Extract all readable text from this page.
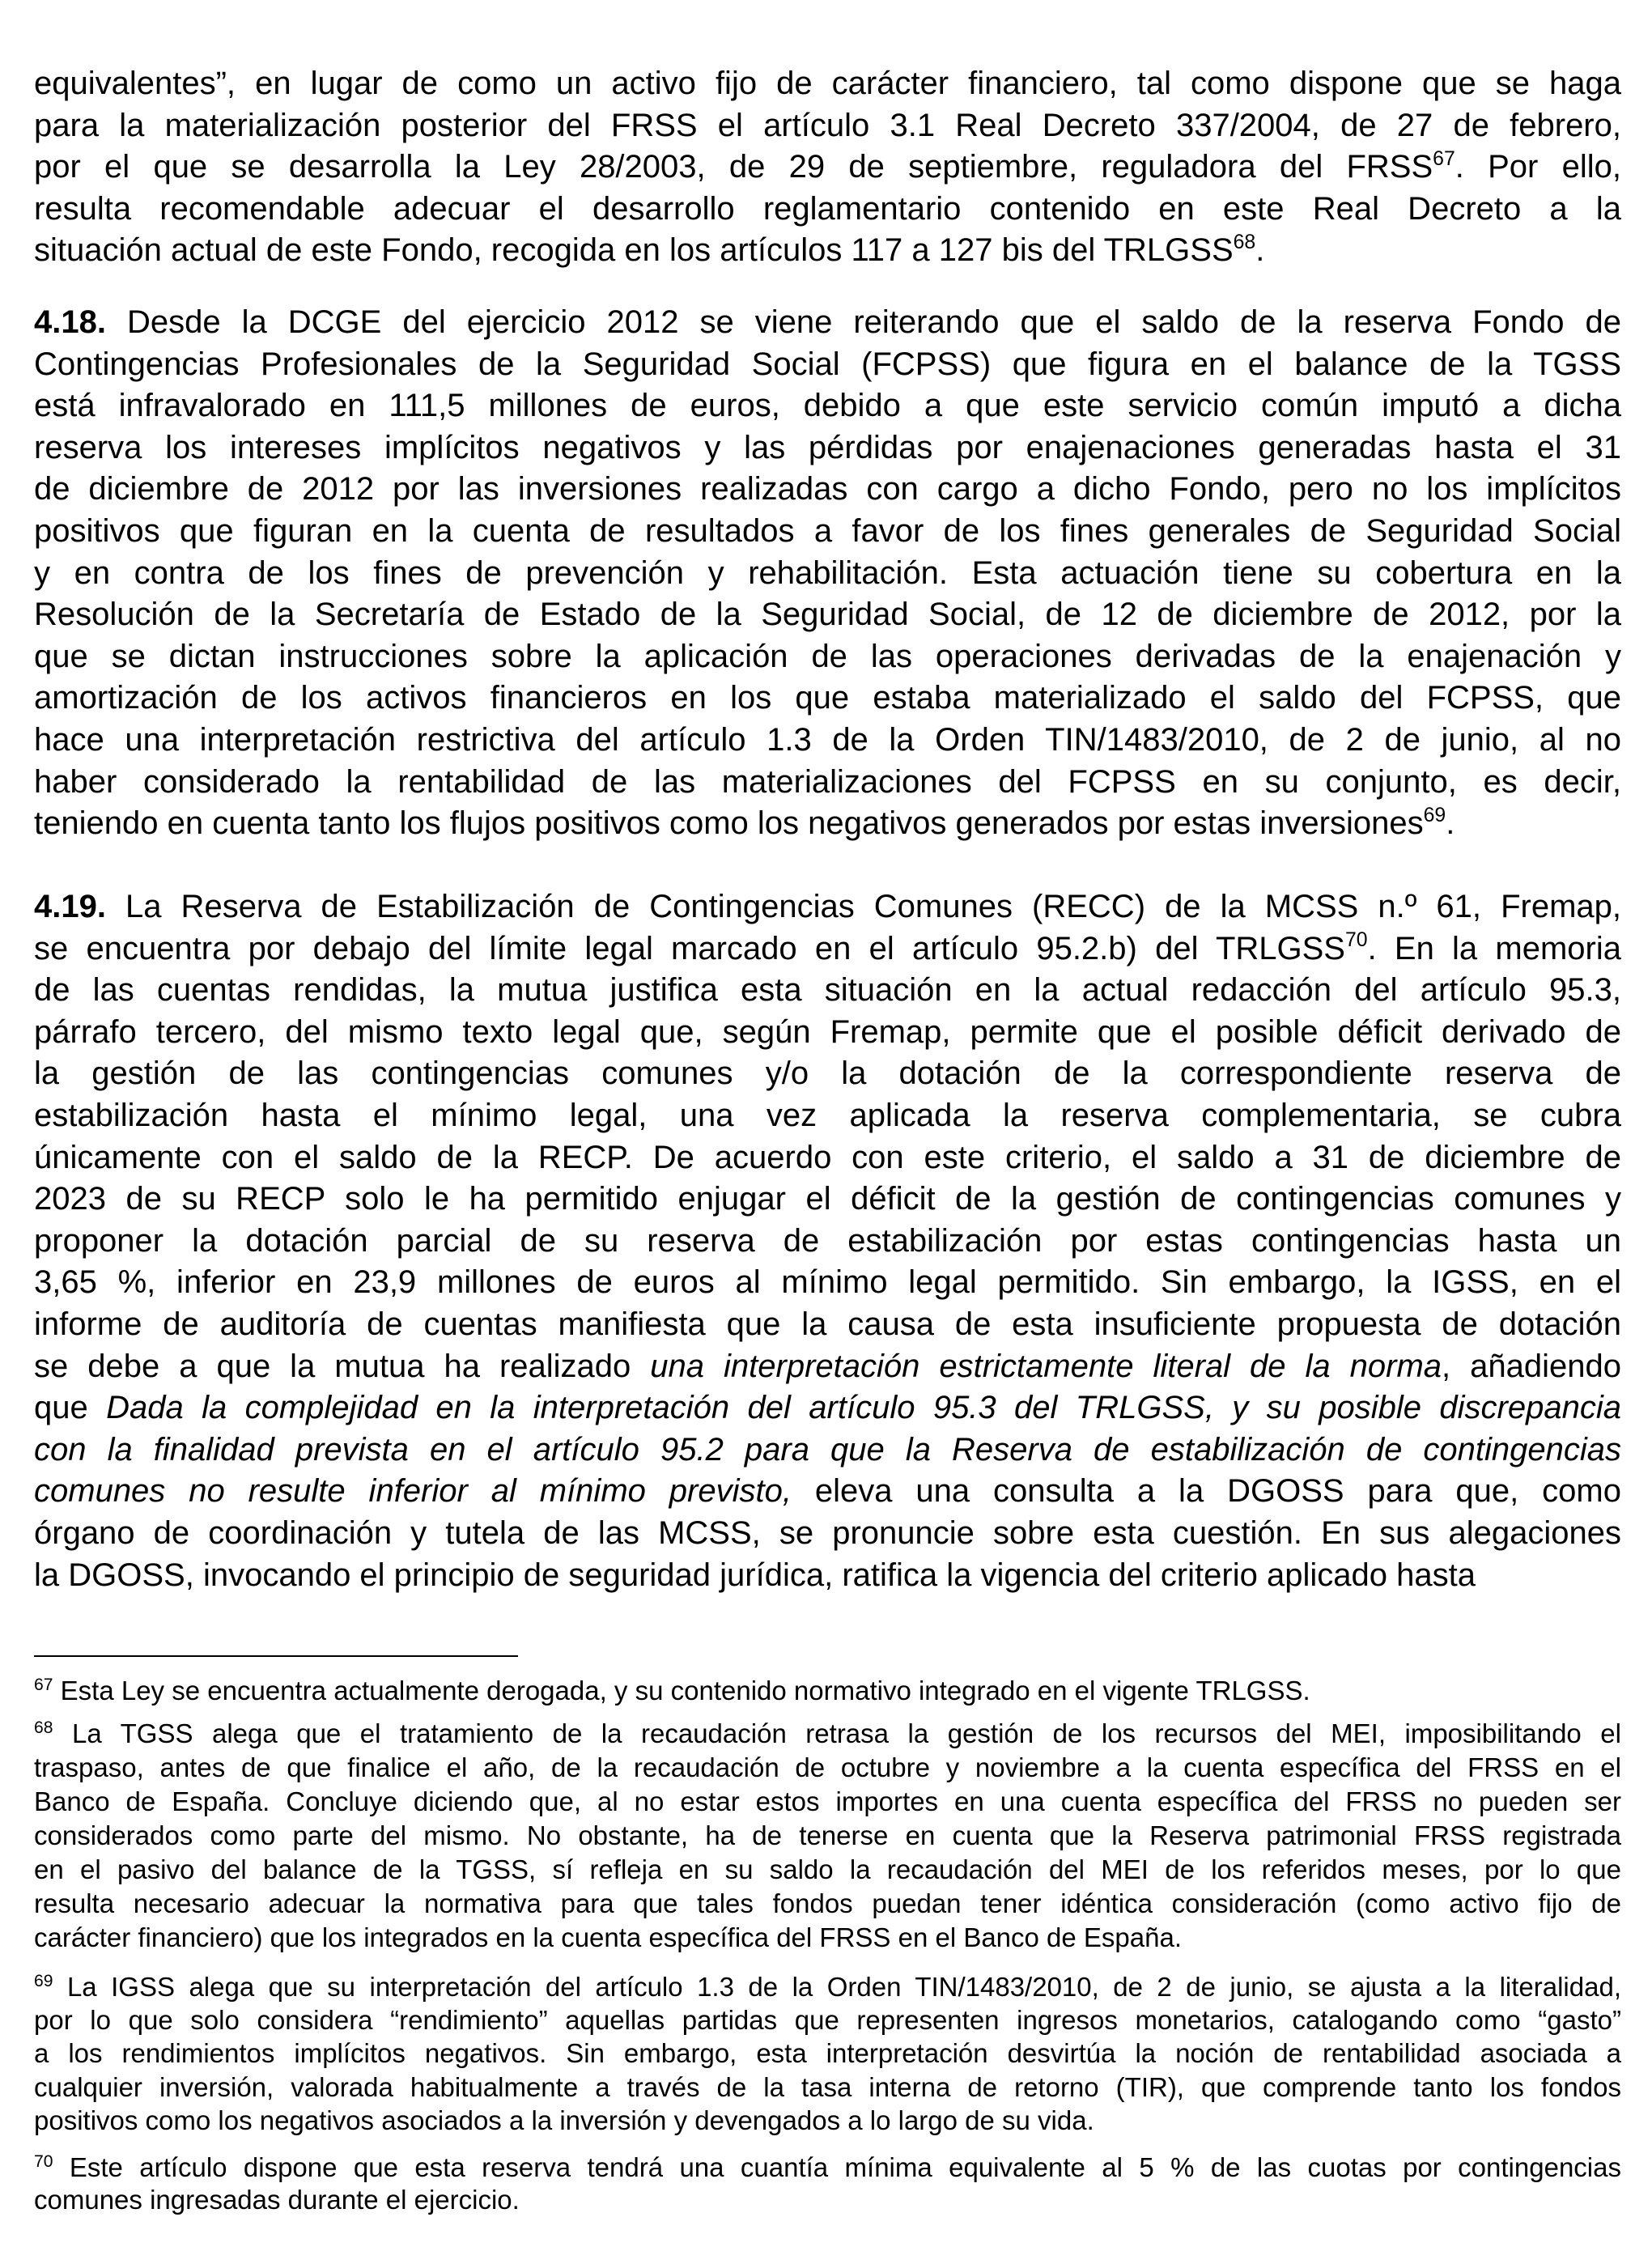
equivalentes”, en lugar de como un activo fijo de carácter financiero, tal como dispone que se haga
para la materialización posterior del FRSS el artículo 3.1 Real Decreto 337/2004, de 27 de febrero,
por el que se desarrolla la Ley 28/2003, de 29 de septiembre, reguladora del FRSS$^{67}$. Por ello,
resulta recomendable adecuar el desarrollo reglamentario contenido en este Real Decreto a la
situación actual de este Fondo, recogida en los artículos 117 a 127 bis del TRLGSS$^{68}$.
4.18. Desde la DCGE del ejercicio 2012 se viene reiterando que el saldo de la reserva Fondo de
Contingencias Profesionales de la Seguridad Social (FCPSS) que figura en el balance de la TGSS
está infravalorado en 111,5 millones de euros, debido a que este servicio común imputó a dicha
reserva los intereses implícitos negativos y las pérdidas por enajenaciones generadas hasta el 31
de diciembre de 2012 por las inversiones realizadas con cargo a dicho Fondo, pero no los implícitos
positivos que figuran en la cuenta de resultados a favor de los fines generales de Seguridad Social
y en contra de los fines de prevención y rehabilitación. Esta actuación tiene su cobertura en la
Resolución de la Secretaría de Estado de la Seguridad Social, de 12 de diciembre de 2012, por la
que se dictan instrucciones sobre la aplicación de las operaciones derivadas de la enajenación y
amortización de los activos financieros en los que estaba materializado el saldo del FCPSS, que
hace una interpretación restrictiva del artículo 1.3 de la Orden TIN/1483/2010, de 2 de junio, al no
haber considerado la rentabilidad de las materializaciones del FCPSS en su conjunto, es decir,
teniendo en cuenta tanto los flujos positivos como los negativos generados por estas inversiones$^{69}$.
4.19. La Reserva de Estabilización de Contingencias Comunes (RECC) de la MCSS n.º 61, Fremap,
se encuentra por debajo del límite legal marcado en el artículo 95.2.b) del TRLGSS$^{70}$. En la memoria
de las cuentas rendidas, la mutua justifica esta situación en la actual redacción del artículo 95.3,
párrafo tercero, del mismo texto legal que, según Fremap, permite que el posible déficit derivado de
la gestión de las contingencias comunes y/o la dotación de la correspondiente reserva de
estabilización hasta el mínimo legal, una vez aplicada la reserva complementaria, se cubra
únicamente con el saldo de la RECP. De acuerdo con este criterio, el saldo a 31 de diciembre de
2023 de su RECP solo le ha permitido enjugar el déficit de la gestión de contingencias comunes y
proponer la dotación parcial de su reserva de estabilización por estas contingencias hasta un
3,65 %, inferior en 23,9 millones de euros al mínimo legal permitido. Sin embargo, la IGSS, en el
informe de auditoría de cuentas manifiesta que la causa de esta insuficiente propuesta de dotación
se debe a que la mutua ha realizado una interpretación estrictamente literal de la norma, añadiendo
que Dada la complejidad en la interpretación del artículo 95.3 del TRLGSS, y su posible discrepancia
con la finalidad prevista en el artículo 95.2 para que la Reserva de estabilización de contingencias
comunes no resulte inferior al mínimo previsto, eleva una consulta a la DGOSS para que, como
órgano de coordinación y tutela de las MCSS, se pronuncie sobre esta cuestión. En sus alegaciones
la DGOSS, invocando el principio de seguridad jurídica, ratifica la vigencia del criterio aplicado hasta
$^{67}$ Esta Ley se encuentra actualmente derogada, y su contenido normativo integrado en el vigente TRLGSS.
$^{68}$ La TGSS alega que el tratamiento de la recaudación retrasa la gestión de los recursos del MEI, imposibilitando el
traspaso, antes de que finalice el año, de la recaudación de octubre y noviembre a la cuenta específica del FRSS en el
Banco de España. Concluye diciendo que, al no estar estos importes en una cuenta específica del FRSS no pueden ser
considerados como parte del mismo. No obstante, ha de tenerse en cuenta que la Reserva patrimonial FRSS registrada
en el pasivo del balance de la TGSS, sí refleja en su saldo la recaudación del MEI de los referidos meses, por lo que
resulta necesario adecuar la normativa para que tales fondos puedan tener idéntica consideración (como activo fijo de
carácter financiero) que los integrados en la cuenta específica del FRSS en el Banco de España.
$^{69}$ La IGSS alega que su interpretación del artículo 1.3 de la Orden TIN/1483/2010, de 2 de junio, se ajusta a la literalidad,
por lo que solo considera “rendimiento” aquellas partidas que representen ingresos monetarios, catalogando como “gasto”
a los rendimientos implícitos negativos. Sin embargo, esta interpretación desvirtúa la noción de rentabilidad asociada a
cualquier inversión, valorada habitualmente a través de la tasa interna de retorno (TIR), que comprende tanto los fondos
positivos como los negativos asociados a la inversión y devengados a lo largo de su vida.
$^{70}$ Este artículo dispone que esta reserva tendrá una cuantía mínima equivalente al 5 % de las cuotas por contingencias
comunes ingresadas durante el ejercicio.
